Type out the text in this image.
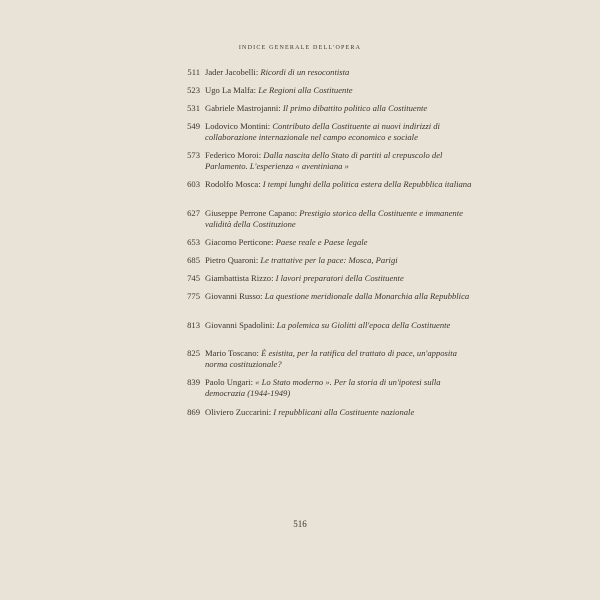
INDICE GENERALE DELL'OPERA
511 Jader Jacobelli: Ricordi di un resocontista
523 Ugo La Malfa: Le Regioni alla Costituente
531 Gabriele Mastrojanni: Il primo dibattito politico alla Costituente
549 Lodovico Montini: Contributo della Costituente ai nuovi indirizzi di collaborazione internazionale nel campo economico e sociale
573 Federico Moroi: Dalla nascita dello Stato di partiti al crepuscolo del Parlamento. L'esperienza « aventiniana »
603 Rodolfo Mosca: I tempi lunghi della politica estera della Repubblica italiana
627 Giuseppe Perrone Capano: Prestigio storico della Costituente e immanente validità della Costituzione
653 Giacomo Perticone: Paese reale e Paese legale
685 Pietro Quaroni: Le trattative per la pace: Mosca, Parigi
745 Giambattista Rizzo: I lavori preparatori della Costituente
775 Giovanni Russo: La questione meridionale dalla Monarchia alla Repubblica
813 Giovanni Spadolini: La polemica su Giolitti all'epoca della Costituente
825 Mario Toscano: È esistita, per la ratifica del trattato di pace, un'apposita norma costituzionale?
839 Paolo Ungari: « Lo Stato moderno ». Per la storia di un'ipotesi sulla democrazia (1944-1949)
869 Oliviero Zuccarini: I repubblicani alla Costituente nazionale
516
